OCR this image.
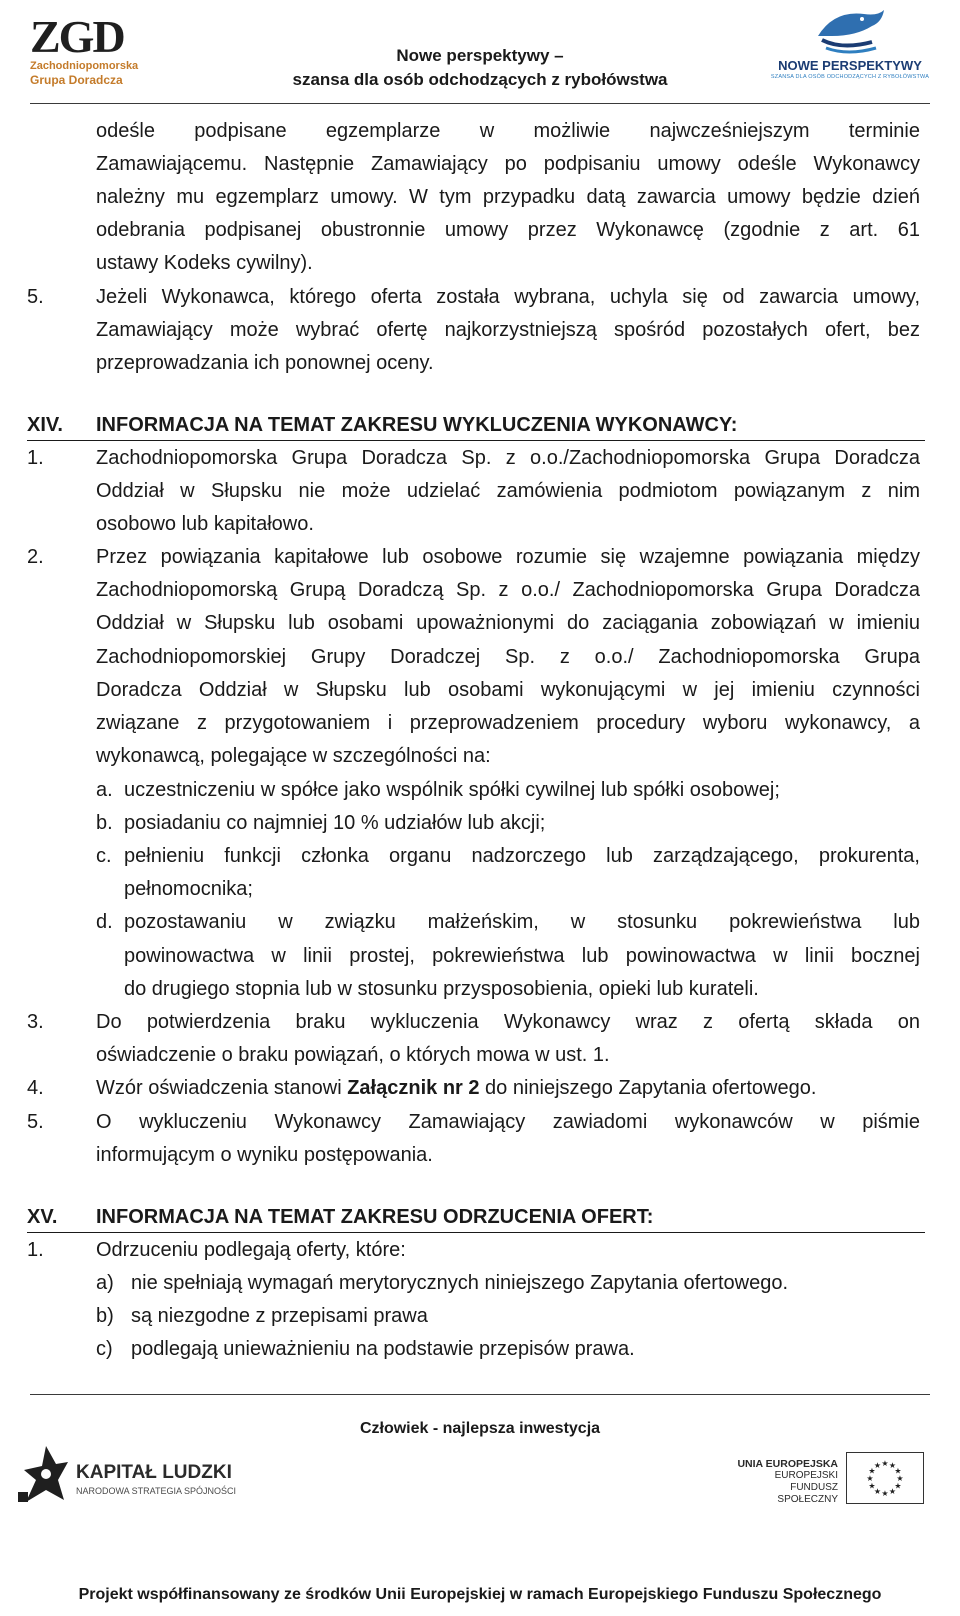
ZGD
Zachodniopomorska
Grupa Doradcza
Nowe perspektywy –
szansa dla osób odchodzących z rybołówstwa
NOWE PERSPEKTYWY
SZANSA DLA OSÓB ODCHODZĄCYCH Z RYBOŁÓWSTWA
odeśle podpisane egzemplarze w możliwie najwcześniejszym terminie
Zamawiającemu. Następnie Zamawiający po podpisaniu umowy odeśle Wykonawcy
należny mu egzemplarz umowy. W tym przypadku datą zawarcia umowy będzie dzień
odebrania podpisanej obustronnie umowy przez Wykonawcę (zgodnie z art. 61
ustawy Kodeks cywilny).
5.	Jeżeli Wykonawca, którego oferta została wybrana, uchyla się od zawarcia umowy,
Zamawiający może wybrać ofertę najkorzystniejszą spośród pozostałych ofert, bez
przeprowadzania ich ponownej oceny.
XIV. INFORMACJA NA TEMAT ZAKRESU WYKLUCZENIA WYKONAWCY:
1.	Zachodniopomorska Grupa Doradcza Sp. z o.o./Zachodniopomorska Grupa Doradcza
Oddział w Słupsku nie może udzielać zamówienia podmiotom powiązanym z nim
osobowo lub kapitałowo.
2.	Przez powiązania kapitałowe lub osobowe rozumie się wzajemne powiązania między
Zachodniopomorską Grupą Doradczą Sp. z o.o./ Zachodniopomorska Grupa Doradcza
Oddział w Słupsku lub osobami upoważnionymi do zaciągania zobowiązań w imieniu
Zachodniopomorskiej Grupy Doradczej Sp. z o.o./ Zachodniopomorska Grupa
Doradcza Oddział w Słupsku lub osobami wykonującymi w jej imieniu czynności
związane z przygotowaniem i przeprowadzeniem procedury wyboru wykonawcy, a
wykonawcą, polegające w szczególności na:
a. uczestniczeniu w spółce jako wspólnik spółki cywilnej lub spółki osobowej;
b. posiadaniu co najmniej 10 % udziałów lub akcji;
c. pełnieniu funkcji członka organu nadzorczego lub zarządzającego, prokurenta,
pełnomocnika;
d. pozostawaniu w związku małżeńskim, w stosunku pokrewieństwa lub
powinowactwa w linii prostej, pokrewieństwa lub powinowactwa w linii bocznej
do drugiego stopnia lub w stosunku przysposobienia, opieki lub kurateli.
3.	Do potwierdzenia braku wykluczenia Wykonawcy wraz z ofertą składa on
oświadczenie o braku powiązań, o których mowa w ust. 1.
4.	Wzór oświadczenia stanowi Załącznik nr 2 do niniejszego Zapytania ofertowego.
5.	O wykluczeniu Wykonawcy Zamawiający zawiadomi wykonawców w piśmie
informującym o wyniku postępowania.
XV. INFORMACJA NA TEMAT ZAKRESU ODRZUCENIA OFERT:
1.	Odrzuceniu podlegają oferty, które:
a) nie spełniają wymagań merytorycznych niniejszego Zapytania ofertowego.
b) są niezgodne z przepisami prawa
c) podlegają unieważnieniu na podstawie przepisów prawa.
Człowiek - najlepsza inwestycja
KAPITAŁ LUDZKI
NARODOWA STRATEGIA SPÓJNOŚCI
UNIA EUROPEJSKA
EUROPEJSKI
FUNDUSZ SPOŁECZNY
★
★
★
★
★
★
★
★
★ ★ ★
★
Projekt współfinansowany ze środków Unii Europejskiej w ramach Europejskiego Funduszu Społecznego
